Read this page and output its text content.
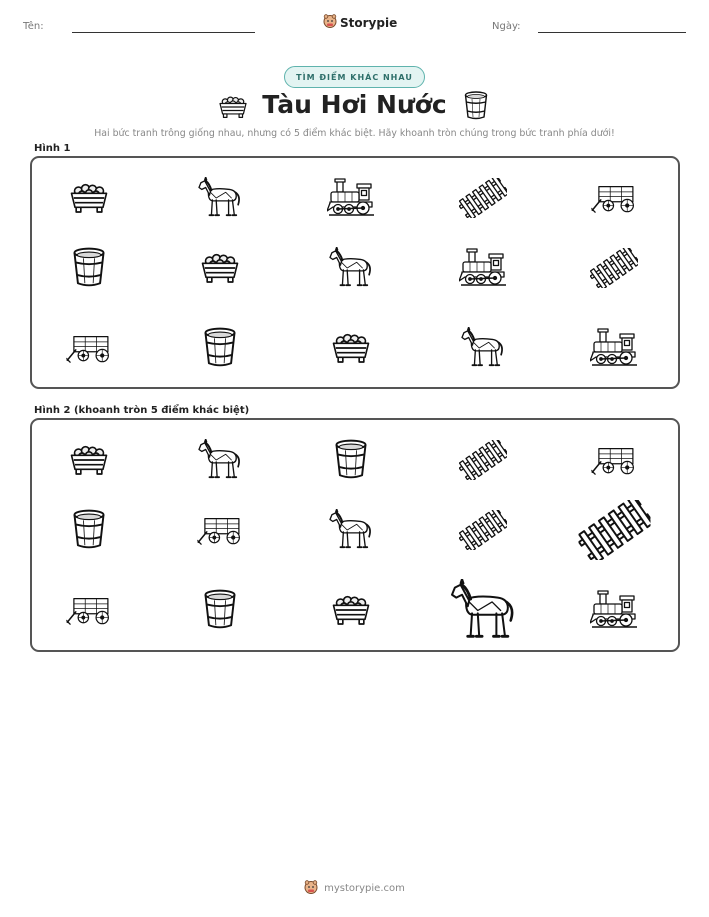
Tên:	Storypie	Ngày:
TÌM ĐIỂM KHÁC NHAU
Tàu Hơi Nước
Hai bức tranh trông giống nhau, nhưng có 5 điểm khác biệt. Hãy khoanh tròn chúng trong bức tranh phía dưới!
Hình 1
Hình 2 (khoanh tròn 5 điểm khác biệt)
mystorypie.com
